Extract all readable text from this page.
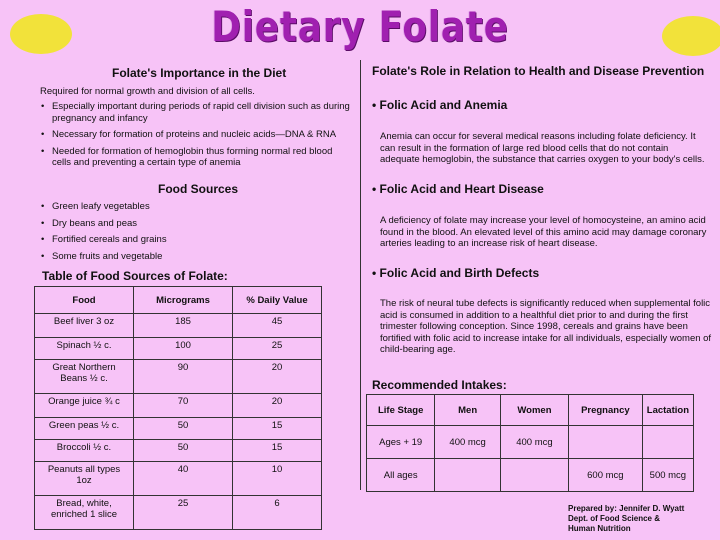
Dietary Folate
Folate's Importance in the Diet
Required for normal growth and division of all cells.
• Especially important during periods of rapid cell division such as during pregnancy and infancy
• Necessary for formation of proteins and nucleic acids—DNA & RNA
• Needed for formation of hemoglobin thus forming normal red blood cells and preventing a certain type of anemia
Food Sources
• Green leafy vegetables
• Dry beans and peas
• Fortified cereals and grains
• Some fruits and vegetable
Table of Food Sources of Folate:
Food	Micrograms	% Daily Value
Beef liver 3 oz	185	45
Spinach ½ c.	100	25
Great Northern Beans ½ c.	90	20
Orange juice ¾ c	70	20
Green peas ½ c.	50	15
Broccoli ½ c.	50	15
Peanuts all types 1oz	40	10
Bread, white, enriched 1 slice	25	6
Folate's Role in Relation to Health and Disease Prevention
• Folic Acid and Anemia
Anemia can occur for several medical reasons including folate deficiency. It can result in the formation of large red blood cells that do not contain adequate hemoglobin, the substance that carries oxygen to your body's cells.
• Folic Acid and Heart Disease
A deficiency of folate may increase your level of homocysteine, an amino acid found in the blood. An elevated level of this amino acid may damage coronary arteries leading to an increase risk of heart disease.
• Folic Acid and Birth Defects
The risk of neural tube defects is significantly reduced when supplemental folic acid is consumed in addition to a healthful diet prior to and during the first trimester following conception. Since 1998, cereals and grains have been fortified with folic acid to increase intake for all individuals, especially women of child-bearing age.
Recommended Intakes:
Life Stage	Men	Women	Pregnancy	Lactation
Ages + 19	400 mcg	400 mcg		
All ages			600 mcg	500 mcg
Prepared by: Jennifer D. Wyatt
Dept. of Food Science &
Human Nutrition
